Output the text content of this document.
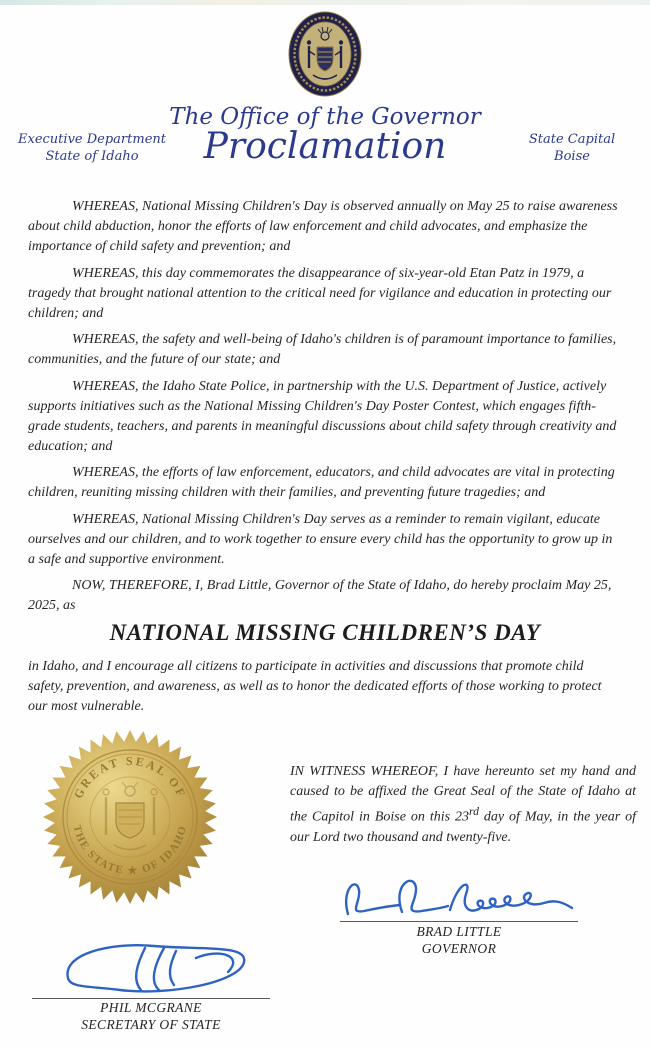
The Office of the Governor
Proclamation
Executive Department
State of Idaho
State Capital
Boise

WHEREAS, National Missing Children's Day is observed annually on May 25 to raise awareness about child abduction, honor the efforts of law enforcement and child advocates, and emphasize the importance of child safety and prevention; and

WHEREAS, this day commemorates the disappearance of six-year-old Etan Patz in 1979, a tragedy that brought national attention to the critical need for vigilance and education in protecting our children; and

WHEREAS, the safety and well-being of Idaho's children is of paramount importance to families, communities, and the future of our state; and

WHEREAS, the Idaho State Police, in partnership with the U.S. Department of Justice, actively supports initiatives such as the National Missing Children's Day Poster Contest, which engages fifth-grade students, teachers, and parents in meaningful discussions about child safety through creativity and education; and

WHEREAS, the efforts of law enforcement, educators, and child advocates are vital in protecting children, reuniting missing children with their families, and preventing future tragedies; and

WHEREAS, National Missing Children's Day serves as a reminder to remain vigilant, educate ourselves and our children, and to work together to ensure every child has the opportunity to grow up in a safe and supportive environment.

NOW, THEREFORE, I, Brad Little, Governor of the State of Idaho, do hereby proclaim May 25, 2025, as

NATIONAL MISSING CHILDREN’S DAY

in Idaho, and I encourage all citizens to participate in activities and discussions that promote child safety, prevention, and awareness, as well as to honor the dedicated efforts of those working to protect our most vulnerable.

GREAT SEAL OF
THE STATE ★ OF IDAHO
IN WITNESS WHEREOF, I have hereunto set my hand and caused to be affixed the Great Seal of the State of Idaho at the Capitol in Boise on this 23rd day of May, in the year of our Lord two thousand and twenty-five.
BRAD LITTLE
GOVERNOR
PHIL MCGRANE
SECRETARY OF STATE
